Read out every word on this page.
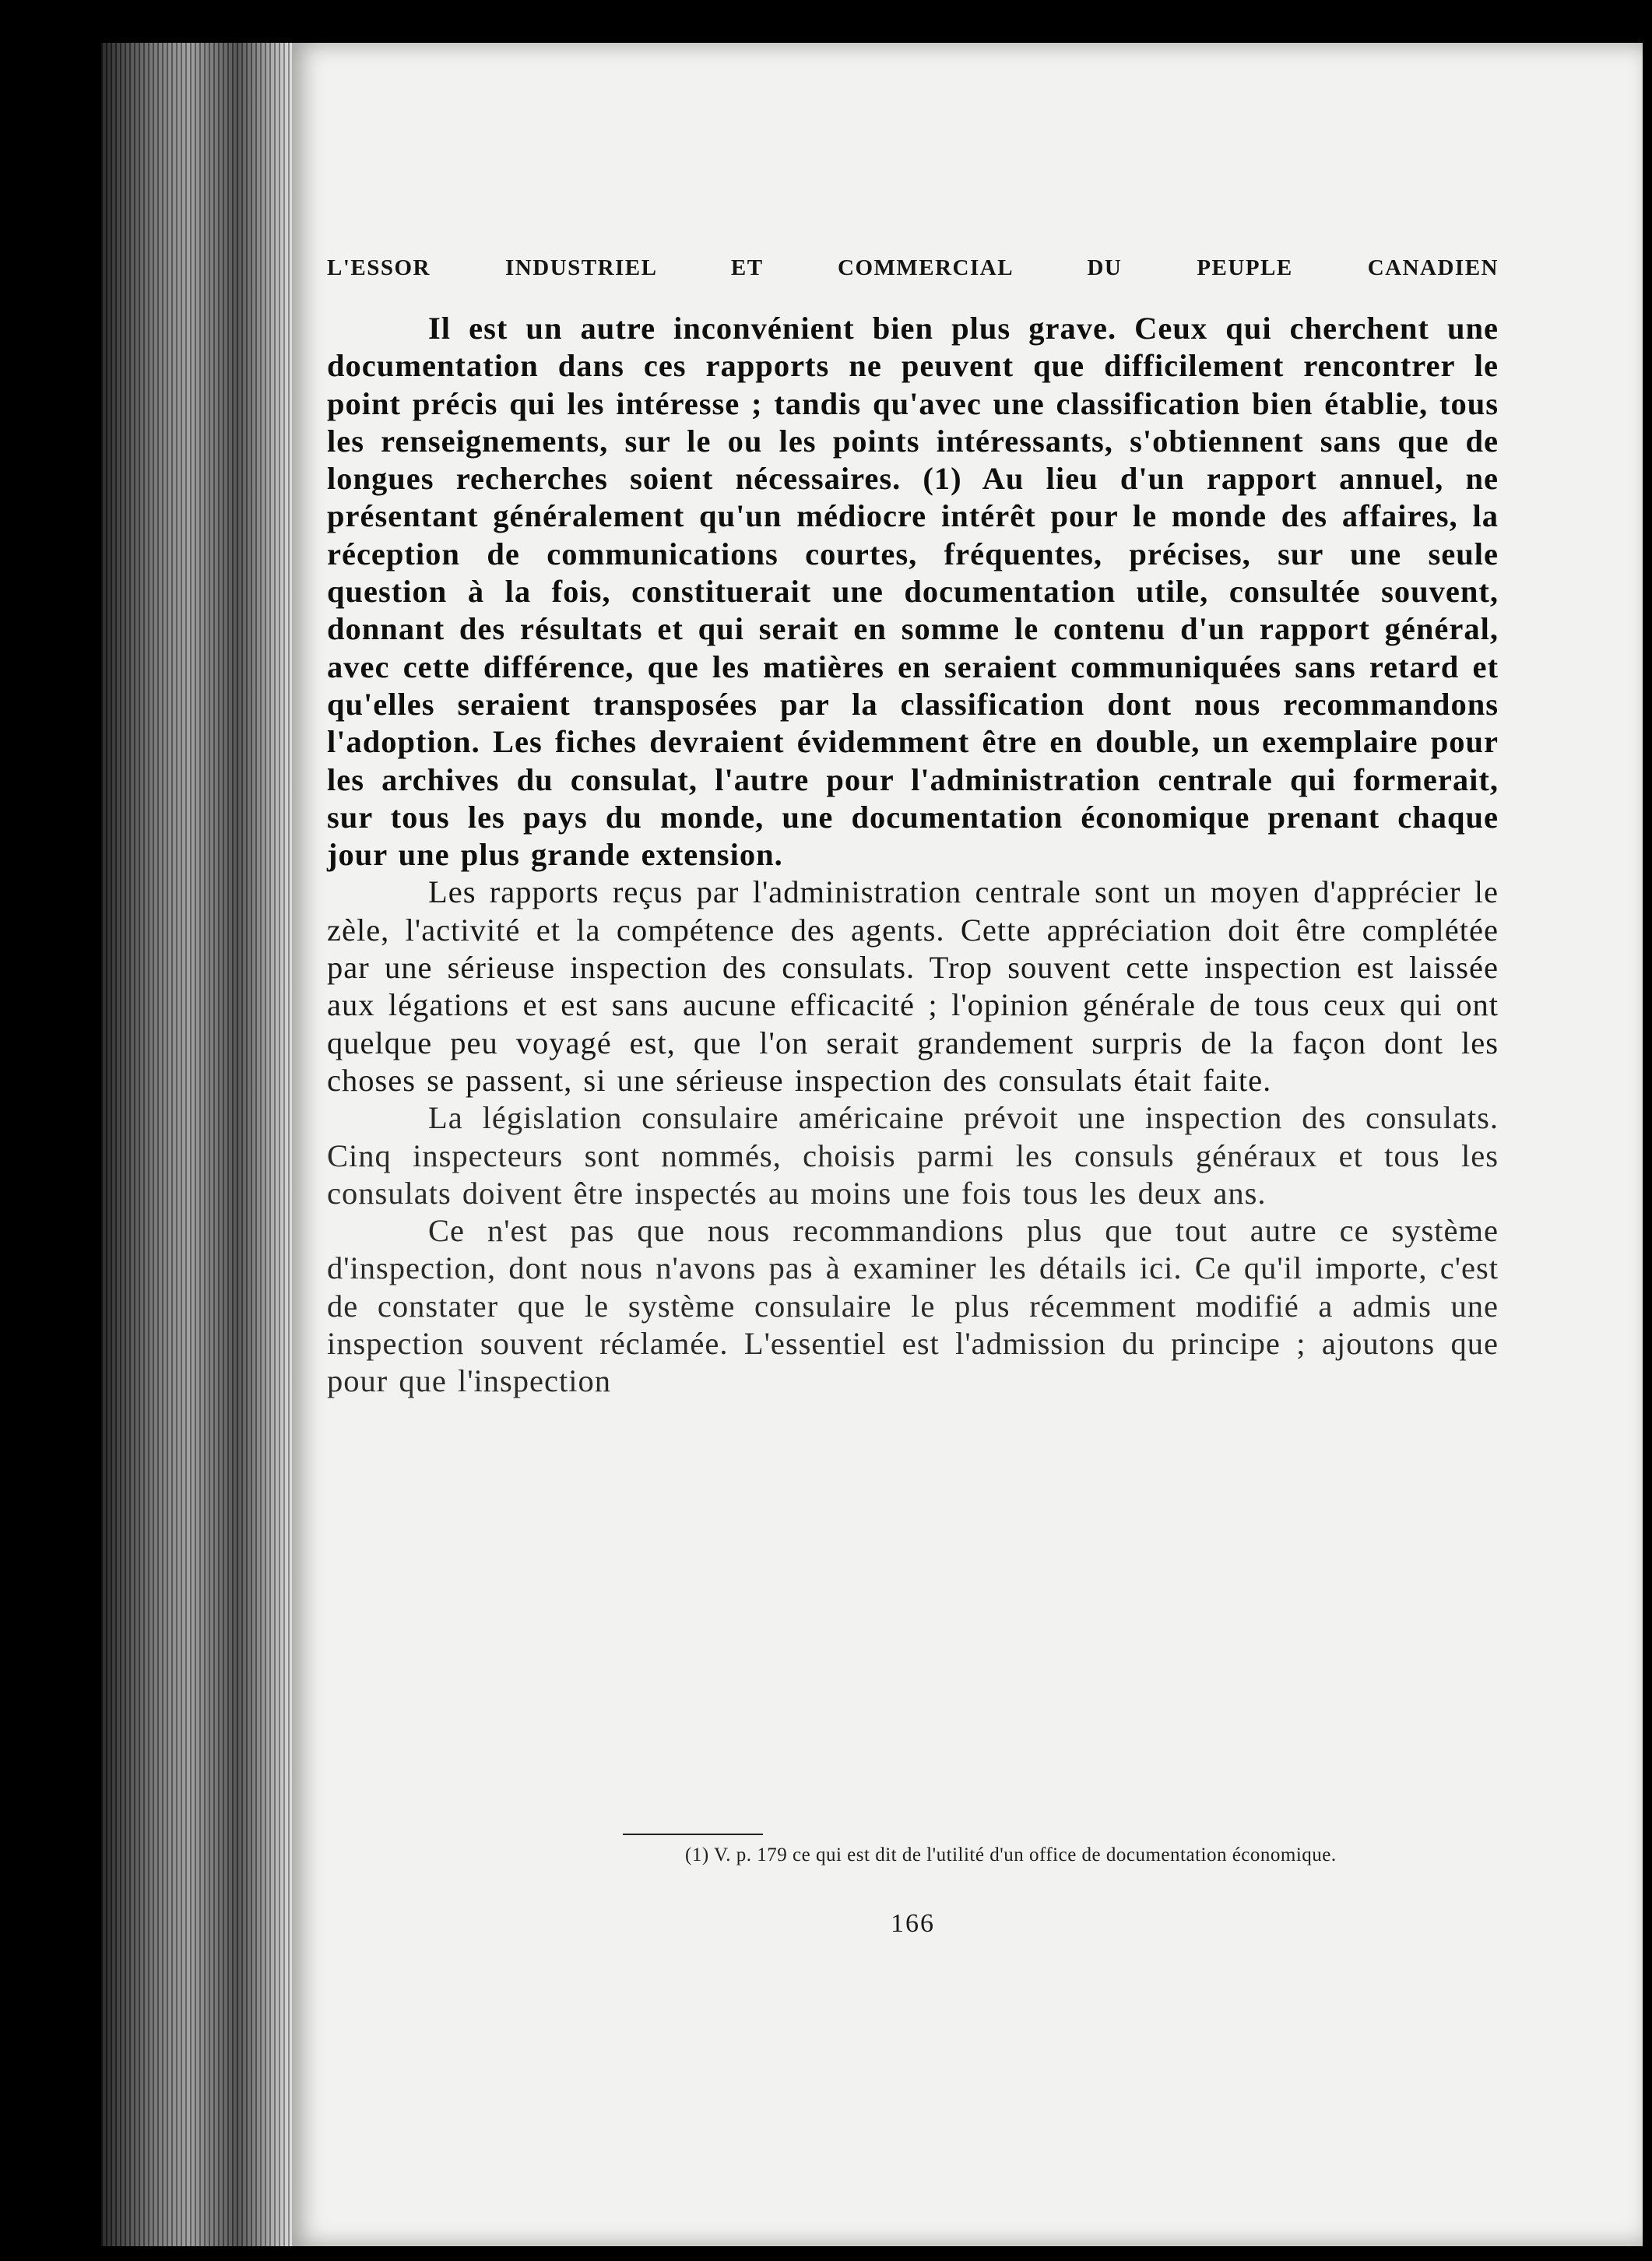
L'ESSOR INDUSTRIEL ET COMMERCIAL DU PEUPLE CANADIEN

Il est un autre inconvénient bien plus grave. Ceux qui cherchent une documentation dans ces rapports ne peuvent que difficilement rencontrer le point précis qui les intéresse ; tandis qu'avec une classification bien établie, tous les renseignements, sur le ou les points intéressants, s'obtiennent sans que de longues recherches soient nécessaires. (1) Au lieu d'un rapport annuel, ne présentant généralement qu'un médiocre intérêt pour le monde des affaires, la réception de communications courtes, fréquentes, précises, sur une seule question à la fois, constituerait une documentation utile, consultée souvent, donnant des résultats et qui serait en somme le contenu d'un rapport général, avec cette différence, que les matières en seraient communiquées sans retard et qu'elles seraient transposées par la classification dont nous recommandons l'adoption. Les fiches devraient évidemment être en double, un exemplaire pour les archives du consulat, l'autre pour l'administration centrale qui formerait, sur tous les pays du monde, une documentation économique prenant chaque jour une plus grande extension.

Les rapports reçus par l'administration centrale sont un moyen d'apprécier le zèle, l'activité et la compétence des agents. Cette appréciation doit être complétée par une sérieuse inspection des consulats. Trop souvent cette inspection est laissée aux légations et est sans aucune efficacité ; l'opinion générale de tous ceux qui ont quelque peu voyagé est, que l'on serait grandement surpris de la façon dont les choses se passent, si une sérieuse inspection des consulats était faite.

La législation consulaire américaine prévoit une inspection des consulats. Cinq inspecteurs sont nommés, choisis parmi les consuls généraux et tous les consulats doivent être inspectés au moins une fois tous les deux ans.

Ce n'est pas que nous recommandions plus que tout autre ce système d'inspection, dont nous n'avons pas à examiner les détails ici. Ce qu'il importe, c'est de constater que le système consulaire le plus récemment modifié a admis une inspection souvent réclamée. L'essentiel est l'admission du principe ; ajoutons que pour que l'inspection

(1) V. p. 179 ce qui est dit de l'utilité d'un office de documentation économique.
166
